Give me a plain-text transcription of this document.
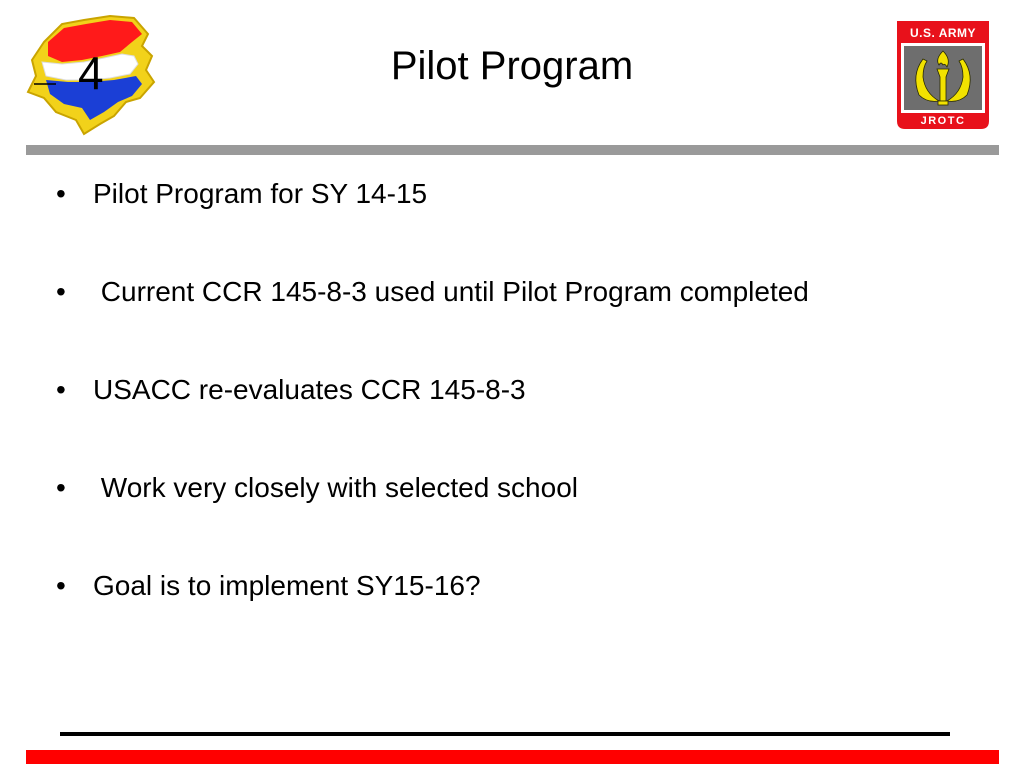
4	Pilot Program
U.S. ARMY
JROTC
• Pilot Program for SY 14-15
• Current CCR 145-8-3 used until Pilot Program completed
• USACC re-evaluates CCR 145-8-3
• Work very closely with selected school
• Goal is to implement SY15-16?
